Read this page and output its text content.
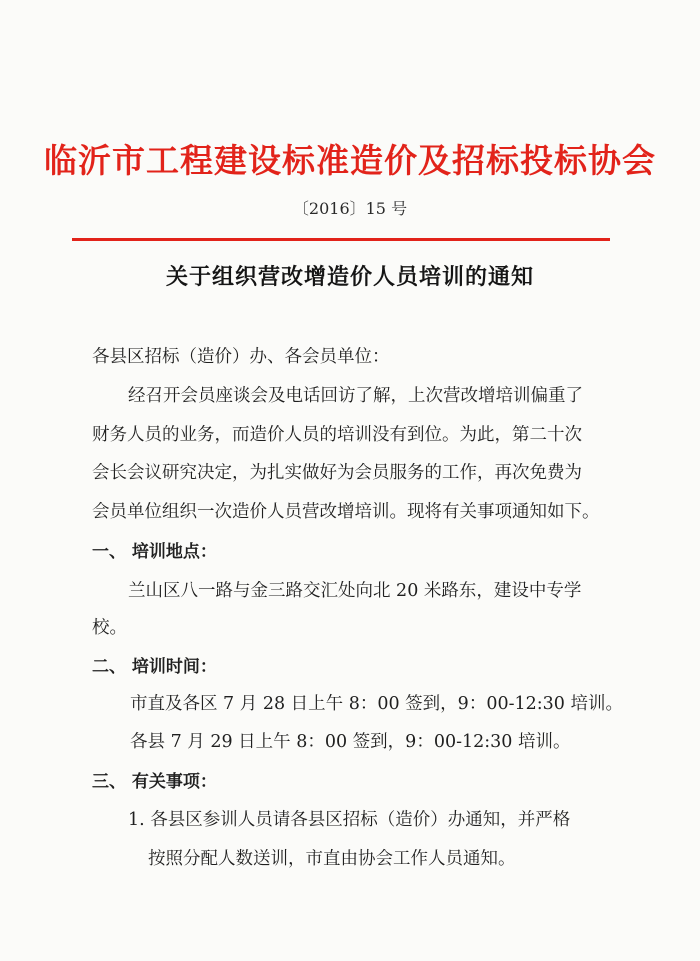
临沂市工程建设标准造价及招标投标协会
〔2016〕15 号
关于组织营改增造价人员培训的通知
各县区招标（造价）办、各会员单位：
经召开会员座谈会及电话回访了解，上次营改增培训偏重了
财务人员的业务，而造价人员的培训没有到位。为此，第二十次
会长会议研究决定，为扎实做好为会员服务的工作，再次免费为
会员单位组织一次造价人员营改增培训。现将有关事项通知如下。
一、 培训地点：
兰山区八一路与金三路交汇处向北 20 米路东，建设中专学
校。
二、 培训时间：
市直及各区 7 月 28 日上午 8：00 签到，9：00-12:30 培训。
各县 7 月 29 日上午 8：00 签到，9：00-12:30 培训。
三、 有关事项：
1. 各县区参训人员请各县区招标（造价）办通知，并严格
按照分配人数送训，市直由协会工作人员通知。
